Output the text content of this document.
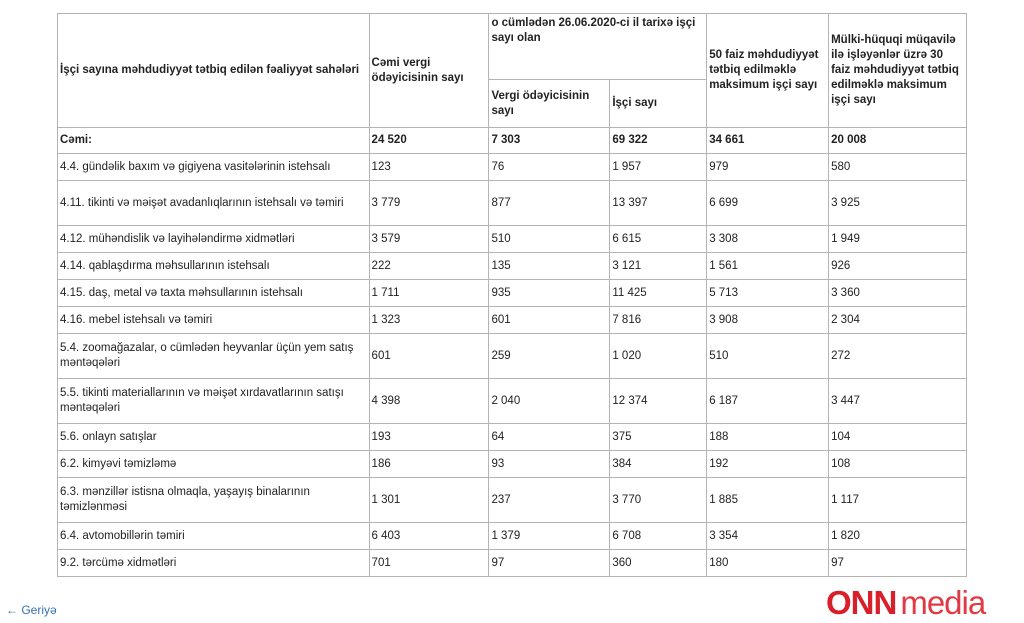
İşçi sayına məhdudiyyət tətbiq edilən fəaliyyət sahələri	Cəmi vergi ödəyicisinin sayı	o cümlədən 26.06.2020-ci il tarixə işçi sayı olan		50 faiz məhdudiyyət tətbiq edilməklə maksimum işçi sayı	Mülki-hüquqi müqavilə ilə işləyənlər üzrə 30 faiz məhdudiyyət tətbiq edilməklə maksimum işçi sayı
		Vergi ödəyicisinin sayı	İşçi sayı		
Cəmi:	24 520	7 303	69 322	34 661	20 008
4.4. gündəlik baxım və gigiyena vasitələrinin istehsalı	123	76	1 957	979	580
4.11. tikinti və məişət avadanlıqlarının istehsalı və təmiri	3 779	877	13 397	6 699	3 925
4.12. mühəndislik və layihələndirmə xidmətləri	3 579	510	6 615	3 308	1 949
4.14. qablaşdırma məhsullarının istehsalı	222	135	3 121	1 561	926
4.15. daş, metal və taxta məhsullarının istehsalı	1 711	935	11 425	5 713	3 360
4.16. mebel istehsalı və təmiri	1 323	601	7 816	3 908	2 304
5.4. zoomağazalar, o cümlədən heyvanlar üçün yem satış məntəqələri	601	259	1 020	510	272
5.5. tikinti materiallarının və məişət xırdavatlarının satışı məntəqələri	4 398	2 040	12 374	6 187	3 447
5.6. onlayn satışlar	193	64	375	188	104
6.2. kimyəvi təmizləmə	186	93	384	192	108
6.3. mənzillər istisna olmaqla, yaşayış binalarının təmizlənməsi	1 301	237	3 770	1 885	1 117
6.4. avtomobillərin təmiri	6 403	1 379	6 708	3 354	1 820
9.2. tərcümə xidmətləri	701	97	360	180	97
← Geriyə	ONN media
